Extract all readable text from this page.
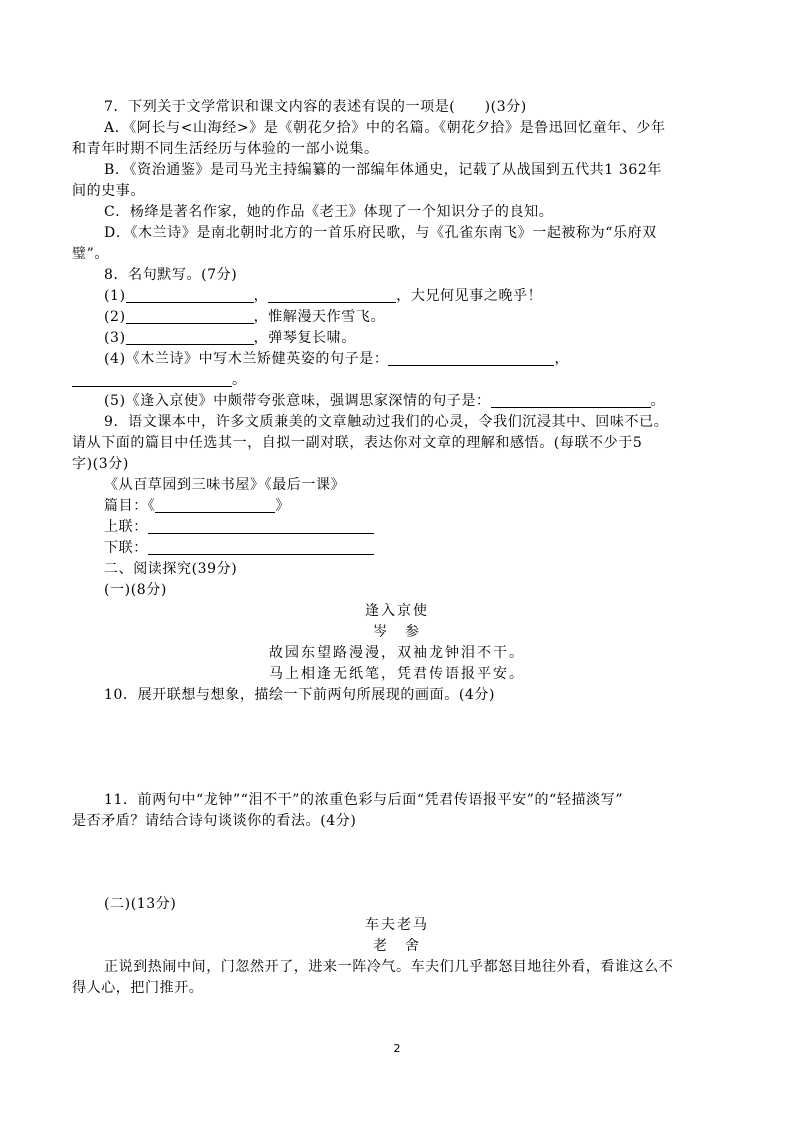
7．下列关于文学常识和课文内容的表述有误的一项是(　　)(3分)
A．《阿长与<山海经>》是《朝花夕拾》中的名篇。《朝花夕拾》是鲁迅回忆童年、少年
和青年时期不同生活经历与体验的一部小说集。
B．《资治通鉴》是司马光主持编纂的一部编年体通史，记载了从战国到五代共1 362年
间的史事。
C．杨绛是著名作家，她的作品《老王》体现了一个知识分子的良知。
D．《木兰诗》是南北朝时北方的一首乐府民歌，与《孔雀东南飞》一起被称为“乐府双
璧”。
8．名句默写。(7分)
(1)	，	，大兄何见事之晚乎！
(2)	，惟解漫天作雪飞。
(3)	，弹琴复长啸。
(4)《木兰诗》中写木兰矫健英姿的句子是：	，
。
(5)《逢入京使》中颇带夸张意味，强调思家深情的句子是：	。
9．语文课本中，许多文质兼美的文章触动过我们的心灵，令我们沉浸其中、回味不已。
请从下面的篇目中任选其一，自拟一副对联，表达你对文章的理解和感悟。(每联不少于5
字)(3分)
《从百草园到三味书屋》《最后一课》
篇目：《	》
上联：
下联：
二、阅读探究(39分)
(一)(8分)
逢入京使
岑　参
故园东望路漫漫，双袖龙钟泪不干。
马上相逢无纸笔，凭君传语报平安。
10．展开联想与想象，描绘一下前两句所展现的画面。(4分)
11．前两句中“龙钟”“泪不干”的浓重色彩与后面“凭君传语报平安”的“轻描淡写”
是否矛盾？请结合诗句谈谈你的看法。(4分)
(二)(13分)
车夫老马
老　舍
正说到热闹中间，门忽然开了，进来一阵冷气。车夫们几乎都怒目地往外看，看谁这么不
得人心，把门推开。
2
